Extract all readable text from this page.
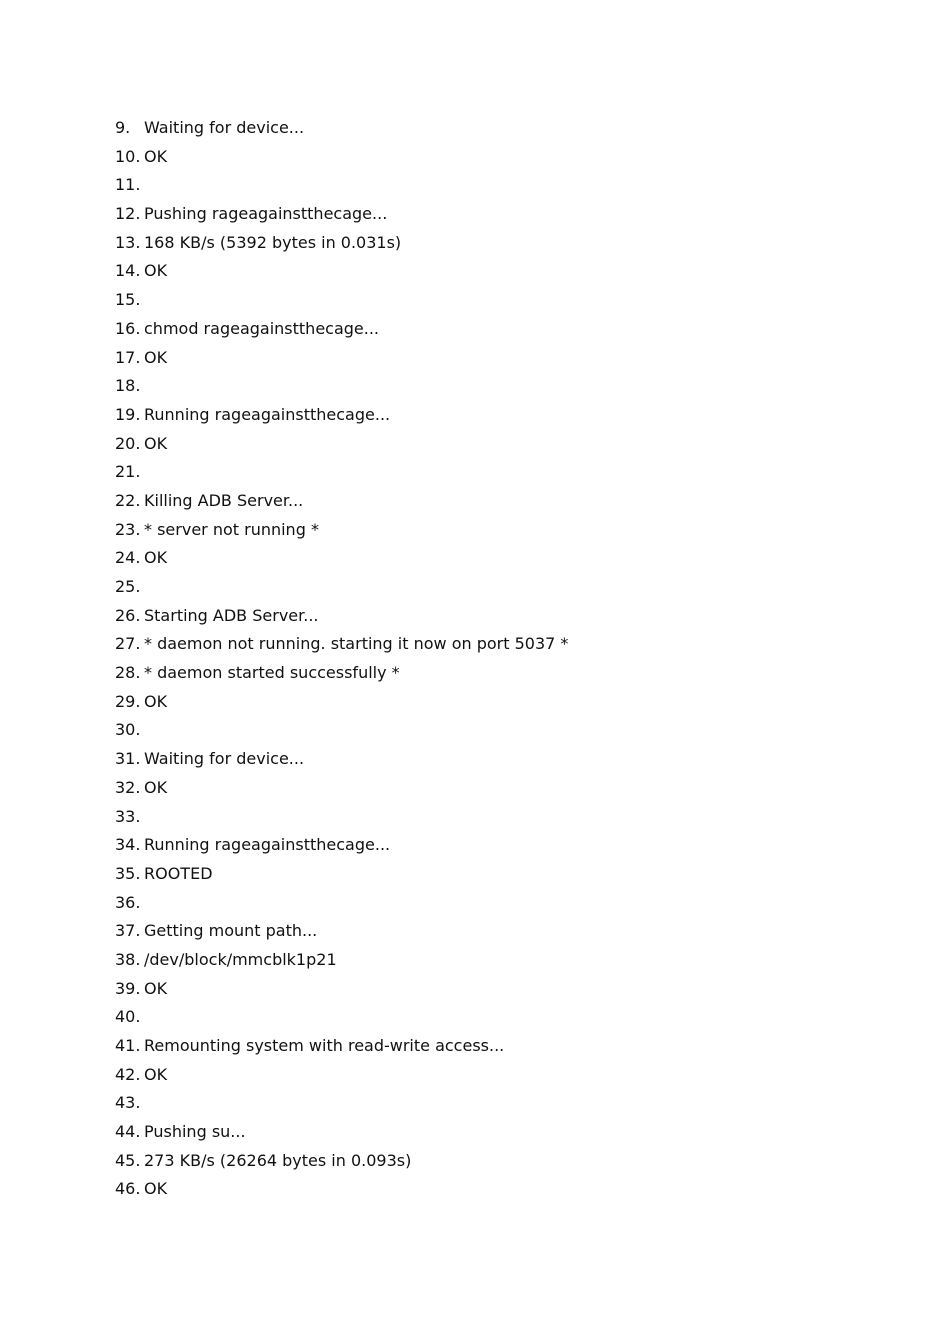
9. Waiting for device...
10. OK
11.
12. Pushing rageagainstthecage...
13. 168 KB/s (5392 bytes in 0.031s)
14. OK
15.
16. chmod rageagainstthecage...
17. OK
18.
19. Running rageagainstthecage...
20. OK
21.
22. Killing ADB Server...
23. * server not running *
24. OK
25.
26. Starting ADB Server...
27. * daemon not running. starting it now on port 5037 *
28. * daemon started successfully *
29. OK
30.
31. Waiting for device...
32. OK
33.
34. Running rageagainstthecage...
35. ROOTED
36.
37. Getting mount path...
38. /dev/block/mmcblk1p21
39. OK
40.
41. Remounting system with read-write access...
42. OK
43.
44. Pushing su...
45. 273 KB/s (26264 bytes in 0.093s)
46. OK
